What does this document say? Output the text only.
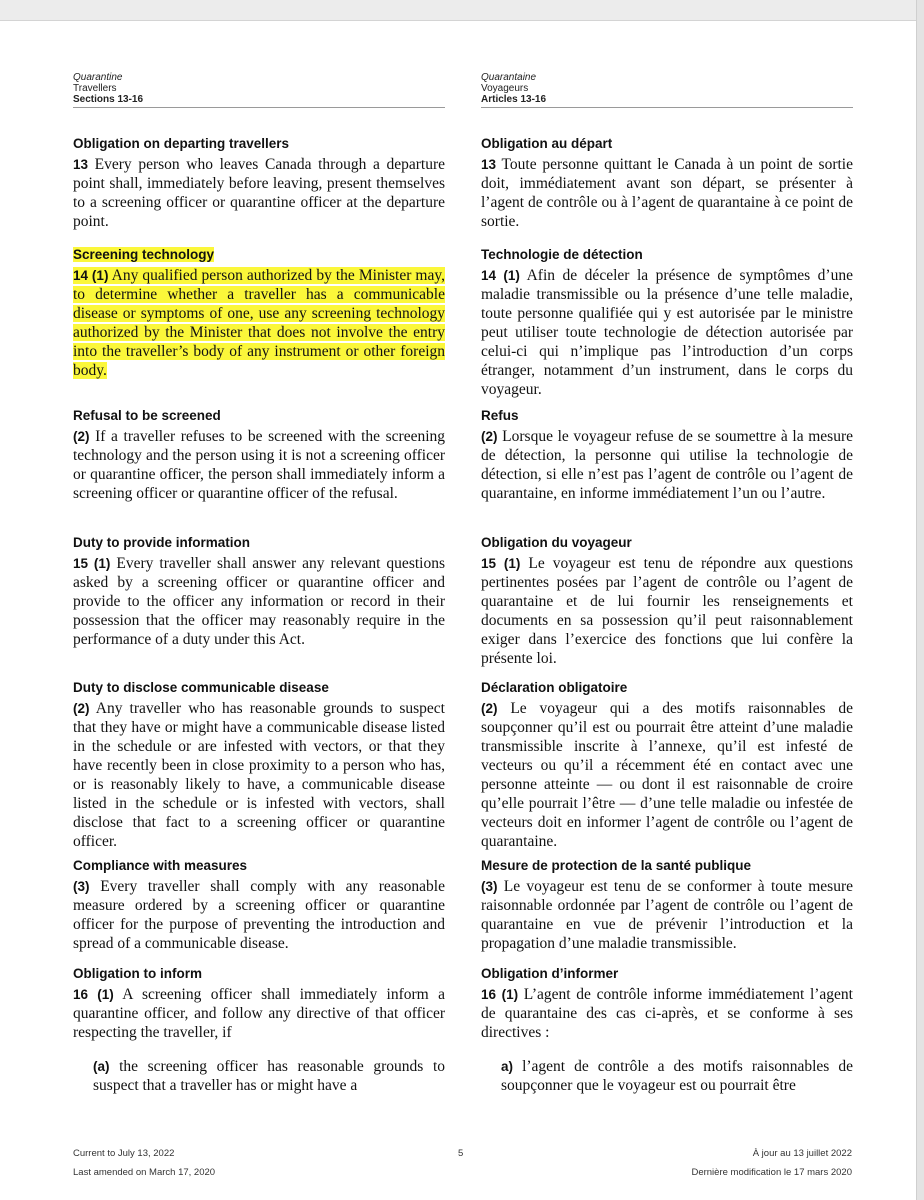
Quarantine
Travellers
Sections 13-16
Quarantaine
Voyageurs
Articles 13-16

Obligation on departing travellers

13 Every person who leaves Canada through a departure point shall, immediately before leaving, present themselves to a screening officer or quarantine officer at the departure point.

Screening technology

14 (1) Any qualified person authorized by the Minister may, to determine whether a traveller has a communicable disease or symptoms of one, use any screening technology authorized by the Minister that does not involve the entry into the traveller’s body of any instrument or other foreign body.

Refusal to be screened

(2) If a traveller refuses to be screened with the screening technology and the person using it is not a screening officer or quarantine officer, the person shall immediately inform a screening officer or quarantine officer of the refusal.

Duty to provide information

15 (1) Every traveller shall answer any relevant questions asked by a screening officer or quarantine officer and provide to the officer any information or record in their possession that the officer may reasonably require in the performance of a duty under this Act.

Duty to disclose communicable disease

(2) Any traveller who has reasonable grounds to suspect that they have or might have a communicable disease listed in the schedule or are infested with vectors, or that they have recently been in close proximity to a person who has, or is reasonably likely to have, a communicable disease listed in the schedule or is infested with vectors, shall disclose that fact to a screening officer or quarantine officer.

Compliance with measures

(3) Every traveller shall comply with any reasonable measure ordered by a screening officer or quarantine officer for the purpose of preventing the introduction and spread of a communicable disease.

Obligation to inform

16 (1) A screening officer shall immediately inform a quarantine officer, and follow any directive of that officer respecting the traveller, if

(a) the screening officer has reasonable grounds to suspect that a traveller has or might have a

Obligation au départ

13 Toute personne quittant le Canada à un point de sortie doit, immédiatement avant son départ, se présenter à l’agent de contrôle ou à l’agent de quarantaine à ce point de sortie.

Technologie de détection

14 (1) Afin de déceler la présence de symptômes d’une maladie transmissible ou la présence d’une telle maladie, toute personne qualifiée qui y est autorisée par le ministre peut utiliser toute technologie de détection autorisée par celui-ci qui n’implique pas l’introduction d’un corps étranger, notamment d’un instrument, dans le corps du voyageur.

Refus

(2) Lorsque le voyageur refuse de se soumettre à la mesure de détection, la personne qui utilise la technologie de détection, si elle n’est pas l’agent de contrôle ou l’agent de quarantaine, en informe immédiatement l’un ou l’autre.

Obligation du voyageur

15 (1) Le voyageur est tenu de répondre aux questions pertinentes posées par l’agent de contrôle ou l’agent de quarantaine et de lui fournir les renseignements et documents en sa possession qu’il peut raisonnablement exiger dans l’exercice des fonctions que lui confère la présente loi.

Déclaration obligatoire

(2) Le voyageur qui a des motifs raisonnables de soupçonner qu’il est ou pourrait être atteint d’une maladie transmissible inscrite à l’annexe, qu’il est infesté de vecteurs ou qu’il a récemment été en contact avec une personne atteinte — ou dont il est raisonnable de croire qu’elle pourrait l’être — d’une telle maladie ou infestée de vecteurs doit en informer l’agent de contrôle ou l’agent de quarantaine.

Mesure de protection de la santé publique

(3) Le voyageur est tenu de se conformer à toute mesure raisonnable ordonnée par l’agent de contrôle ou l’agent de quarantaine en vue de prévenir l’introduction et la propagation d’une maladie transmissible.

Obligation d’informer

16 (1) L’agent de contrôle informe immédiatement l’agent de quarantaine des cas ci-après, et se conforme à ses directives :

a) l’agent de contrôle a des motifs raisonnables de soupçonner que le voyageur est ou pourrait être

Current to July 13, 2022
Last amended on March 17, 2020
5	À jour au 13 juillet 2022
Dernière modification le 17 mars 2020
